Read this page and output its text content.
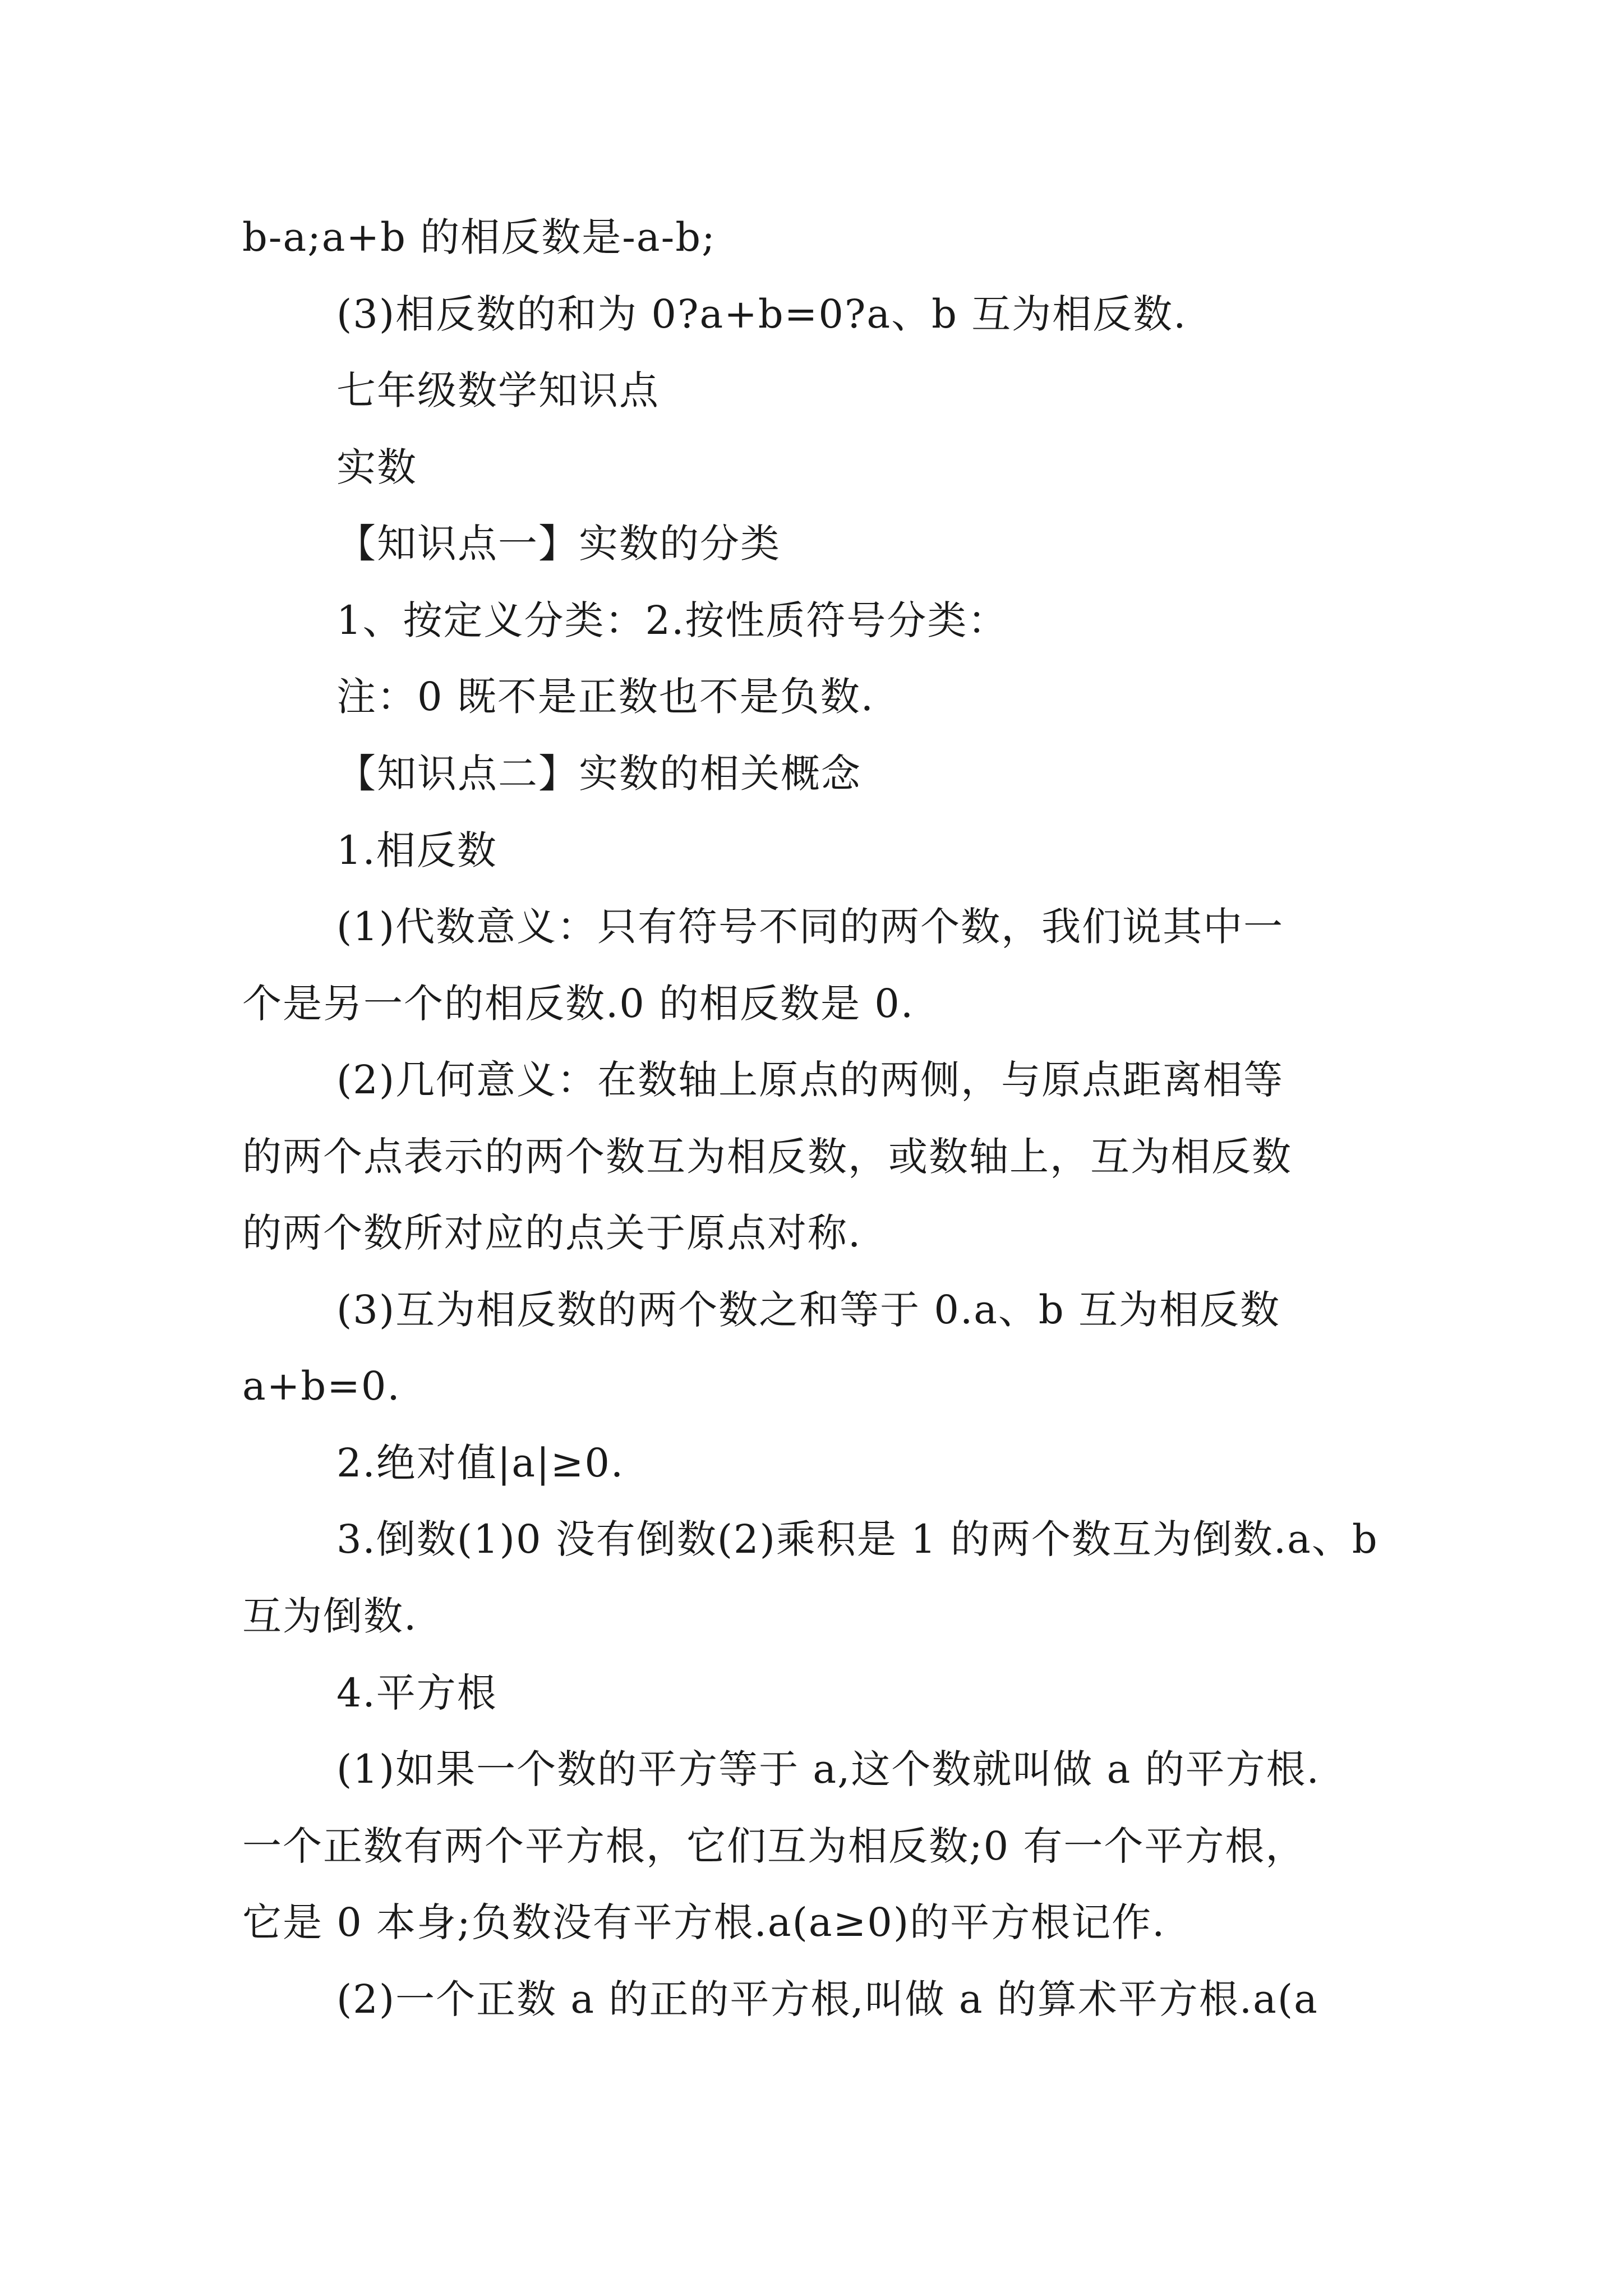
b-a;a+b 的相反数是-a-b;
(3)相反数的和为 0?a+b=0?a、b 互为相反数.
七年级数学知识点
实数
【知识点一】实数的分类
1、按定义分类：2.按性质符号分类：
注：0 既不是正数也不是负数.
【知识点二】实数的相关概念
1.相反数
(1)代数意义：只有符号不同的两个数，我们说其中一
个是另一个的相反数.0 的相反数是 0.
(2)几何意义：在数轴上原点的两侧，与原点距离相等
的两个点表示的两个数互为相反数，或数轴上，互为相反数
的两个数所对应的点关于原点对称.
(3)互为相反数的两个数之和等于 0.a、b 互为相反数
a+b=0.
2.绝对值|a|≥0.
3.倒数(1)0 没有倒数(2)乘积是 1 的两个数互为倒数.a、b
互为倒数.
4.平方根
(1)如果一个数的平方等于 a,这个数就叫做 a 的平方根.
一个正数有两个平方根，它们互为相反数;0 有一个平方根，
它是 0 本身;负数没有平方根.a(a≥0)的平方根记作.
(2)一个正数 a 的正的平方根,叫做 a 的算术平方根.a(a
